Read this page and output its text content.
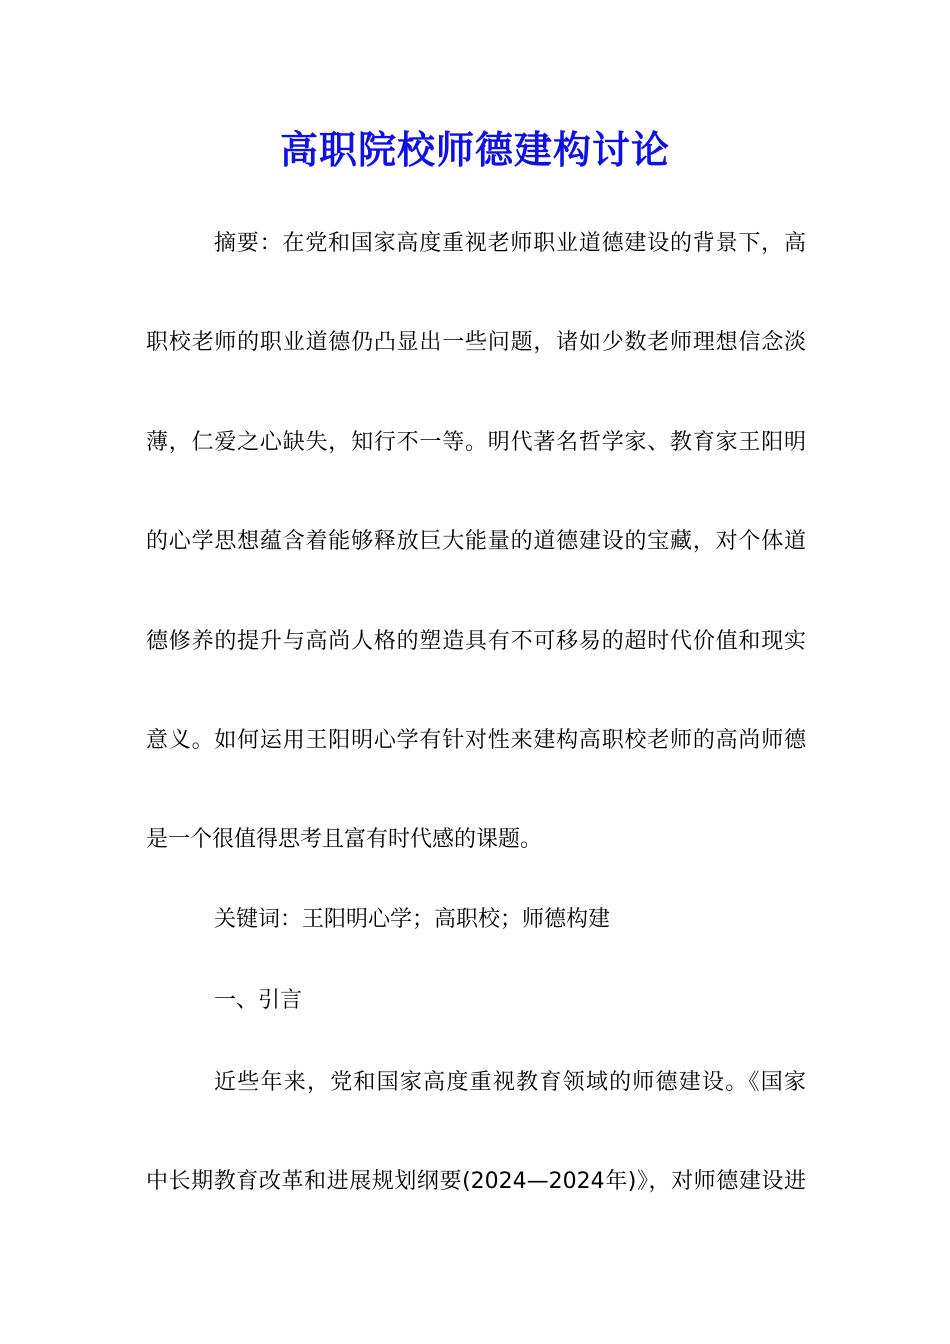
高职院校师德建构讨论
摘要：在党和国家高度重视老师职业道德建设的背景下，高
职校老师的职业道德仍凸显出一些问题，诸如少数老师理想信念淡
薄，仁爱之心缺失，知行不一等。明代著名哲学家、教育家王阳明
的心学思想蕴含着能够释放巨大能量的道德建设的宝藏，对个体道
德修养的提升与高尚人格的塑造具有不可移易的超时代价值和现实
意义。如何运用王阳明心学有针对性来建构高职校老师的高尚师德
是一个很值得思考且富有时代感的课题。
关键词：王阳明心学；高职校；师德构建
一、引言
近些年来，党和国家高度重视教育领域的师德建设。《国家
中长期教育改革和进展规划纲要(2024—2024年)》，对师德建设进
